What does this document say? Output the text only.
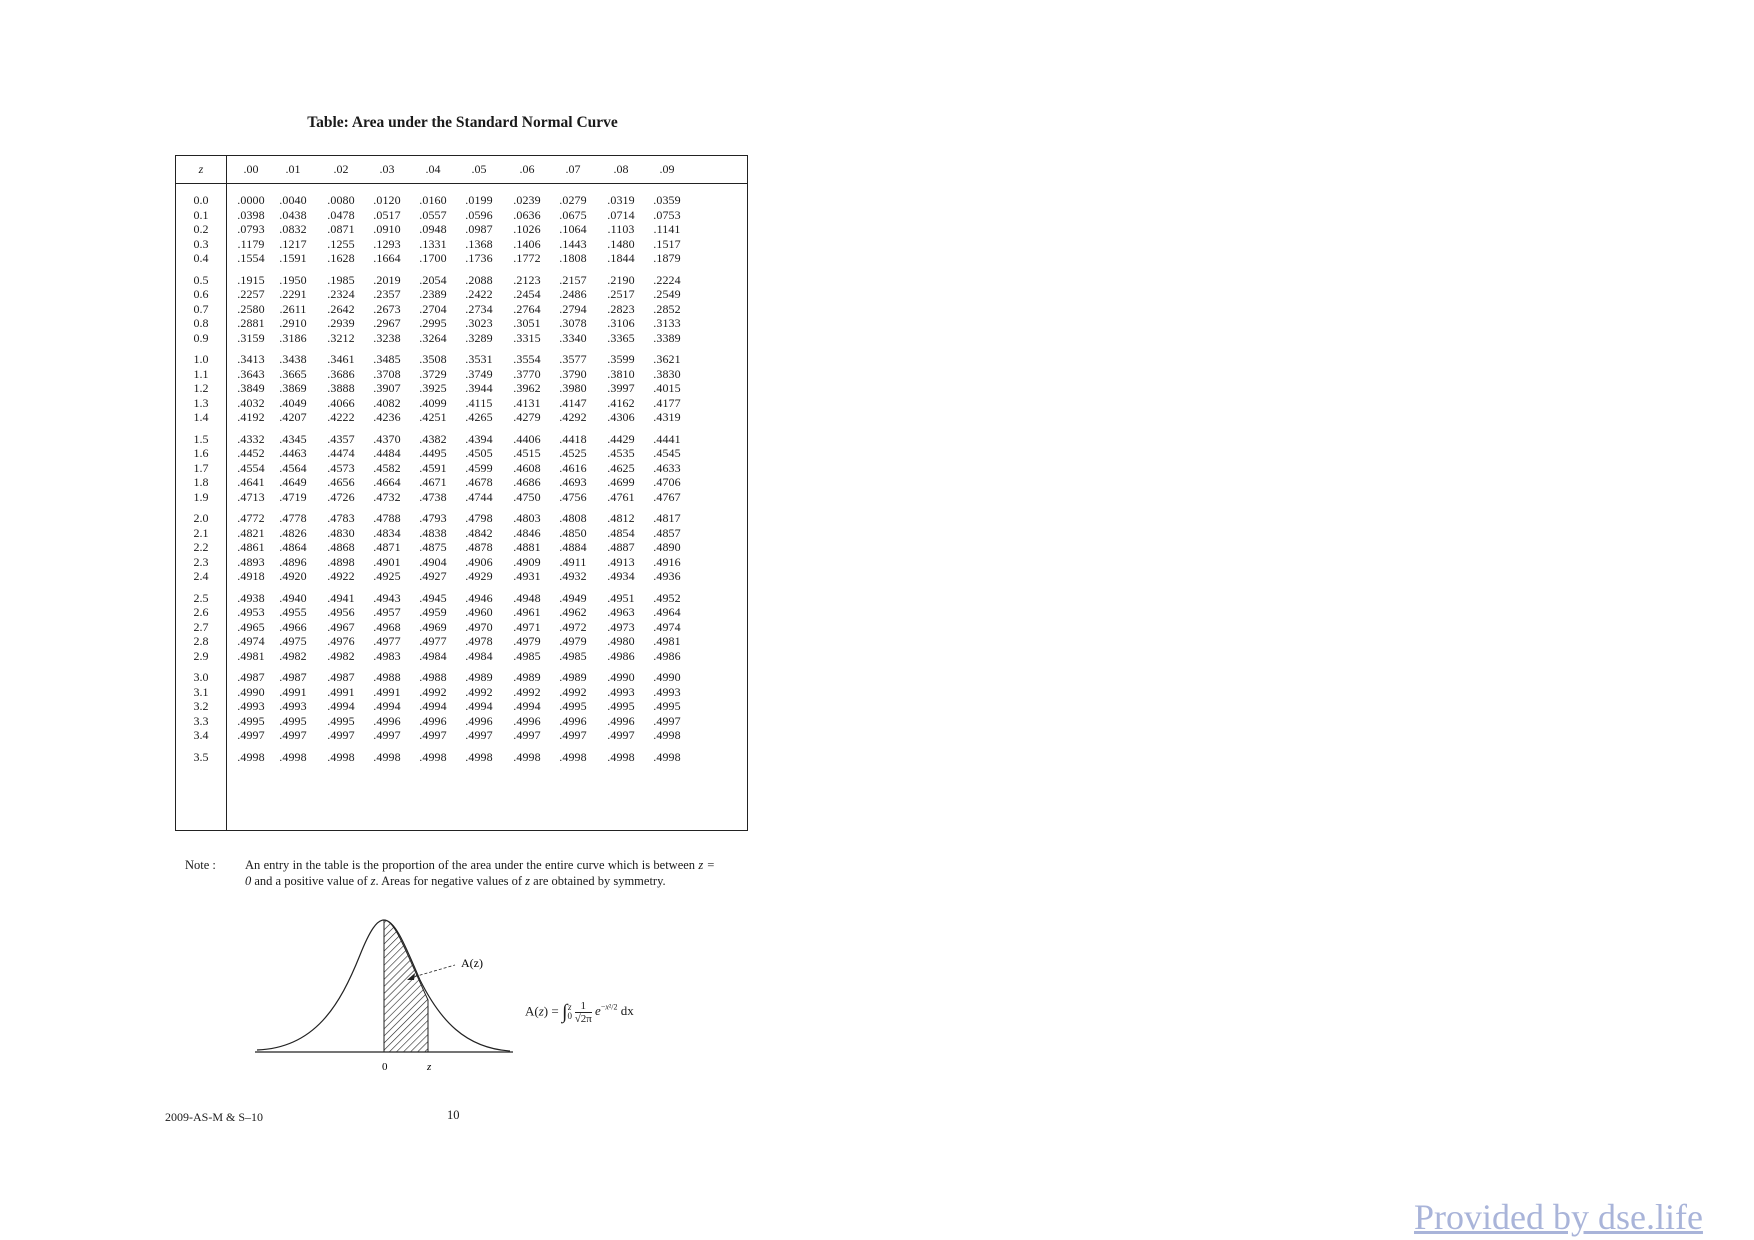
Table: Area under the Standard Normal Curve
z	.00	.01	.02	.03	.04	.05	.06	.07	.08	.09
0.0	.0000	.0040	.0080	.0120	.0160	.0199	.0239	.0279	.0319	.0359
0.1	.0398	.0438	.0478	.0517	.0557	.0596	.0636	.0675	.0714	.0753
0.2	.0793	.0832	.0871	.0910	.0948	.0987	.1026	.1064	.1103	.1141
0.3	.1179	.1217	.1255	.1293	.1331	.1368	.1406	.1443	.1480	.1517
0.4	.1554	.1591	.1628	.1664	.1700	.1736	.1772	.1808	.1844	.1879
0.5	.1915	.1950	.1985	.2019	.2054	.2088	.2123	.2157	.2190	.2224
0.6	.2257	.2291	.2324	.2357	.2389	.2422	.2454	.2486	.2517	.2549
0.7	.2580	.2611	.2642	.2673	.2704	.2734	.2764	.2794	.2823	.2852
0.8	.2881	.2910	.2939	.2967	.2995	.3023	.3051	.3078	.3106	.3133
0.9	.3159	.3186	.3212	.3238	.3264	.3289	.3315	.3340	.3365	.3389
1.0	.3413	.3438	.3461	.3485	.3508	.3531	.3554	.3577	.3599	.3621
1.1	.3643	.3665	.3686	.3708	.3729	.3749	.3770	.3790	.3810	.3830
1.2	.3849	.3869	.3888	.3907	.3925	.3944	.3962	.3980	.3997	.4015
1.3	.4032	.4049	.4066	.4082	.4099	.4115	.4131	.4147	.4162	.4177
1.4	.4192	.4207	.4222	.4236	.4251	.4265	.4279	.4292	.4306	.4319
1.5	.4332	.4345	.4357	.4370	.4382	.4394	.4406	.4418	.4429	.4441
1.6	.4452	.4463	.4474	.4484	.4495	.4505	.4515	.4525	.4535	.4545
1.7	.4554	.4564	.4573	.4582	.4591	.4599	.4608	.4616	.4625	.4633
1.8	.4641	.4649	.4656	.4664	.4671	.4678	.4686	.4693	.4699	.4706
1.9	.4713	.4719	.4726	.4732	.4738	.4744	.4750	.4756	.4761	.4767
2.0	.4772	.4778	.4783	.4788	.4793	.4798	.4803	.4808	.4812	.4817
2.1	.4821	.4826	.4830	.4834	.4838	.4842	.4846	.4850	.4854	.4857
2.2	.4861	.4864	.4868	.4871	.4875	.4878	.4881	.4884	.4887	.4890
2.3	.4893	.4896	.4898	.4901	.4904	.4906	.4909	.4911	.4913	.4916
2.4	.4918	.4920	.4922	.4925	.4927	.4929	.4931	.4932	.4934	.4936
2.5	.4938	.4940	.4941	.4943	.4945	.4946	.4948	.4949	.4951	.4952
2.6	.4953	.4955	.4956	.4957	.4959	.4960	.4961	.4962	.4963	.4964
2.7	.4965	.4966	.4967	.4968	.4969	.4970	.4971	.4972	.4973	.4974
2.8	.4974	.4975	.4976	.4977	.4977	.4978	.4979	.4979	.4980	.4981
2.9	.4981	.4982	.4982	.4983	.4984	.4984	.4985	.4985	.4986	.4986
3.0	.4987	.4987	.4987	.4988	.4988	.4989	.4989	.4989	.4990	.4990
3.1	.4990	.4991	.4991	.4991	.4992	.4992	.4992	.4992	.4993	.4993
3.2	.4993	.4993	.4994	.4994	.4994	.4994	.4994	.4995	.4995	.4995
3.3	.4995	.4995	.4995	.4996	.4996	.4996	.4996	.4996	.4996	.4997
3.4	.4997	.4997	.4997	.4997	.4997	.4997	.4997	.4997	.4997	.4998
3.5	.4998	.4998	.4998	.4998	.4998	.4998	.4998	.4998	.4998	.4998
Note : An entry in the table is the proportion of the area under the entire curve which is between z = 0 and a positive value of z. Areas for negative values of z are obtained by symmetry.
A(z)
0	z
$A(z) = \int_0^z \frac{1}{√2\pi} e^{-x^2/2}$ dx
2009-AS-M & S–10	10
Provided by dse.life
